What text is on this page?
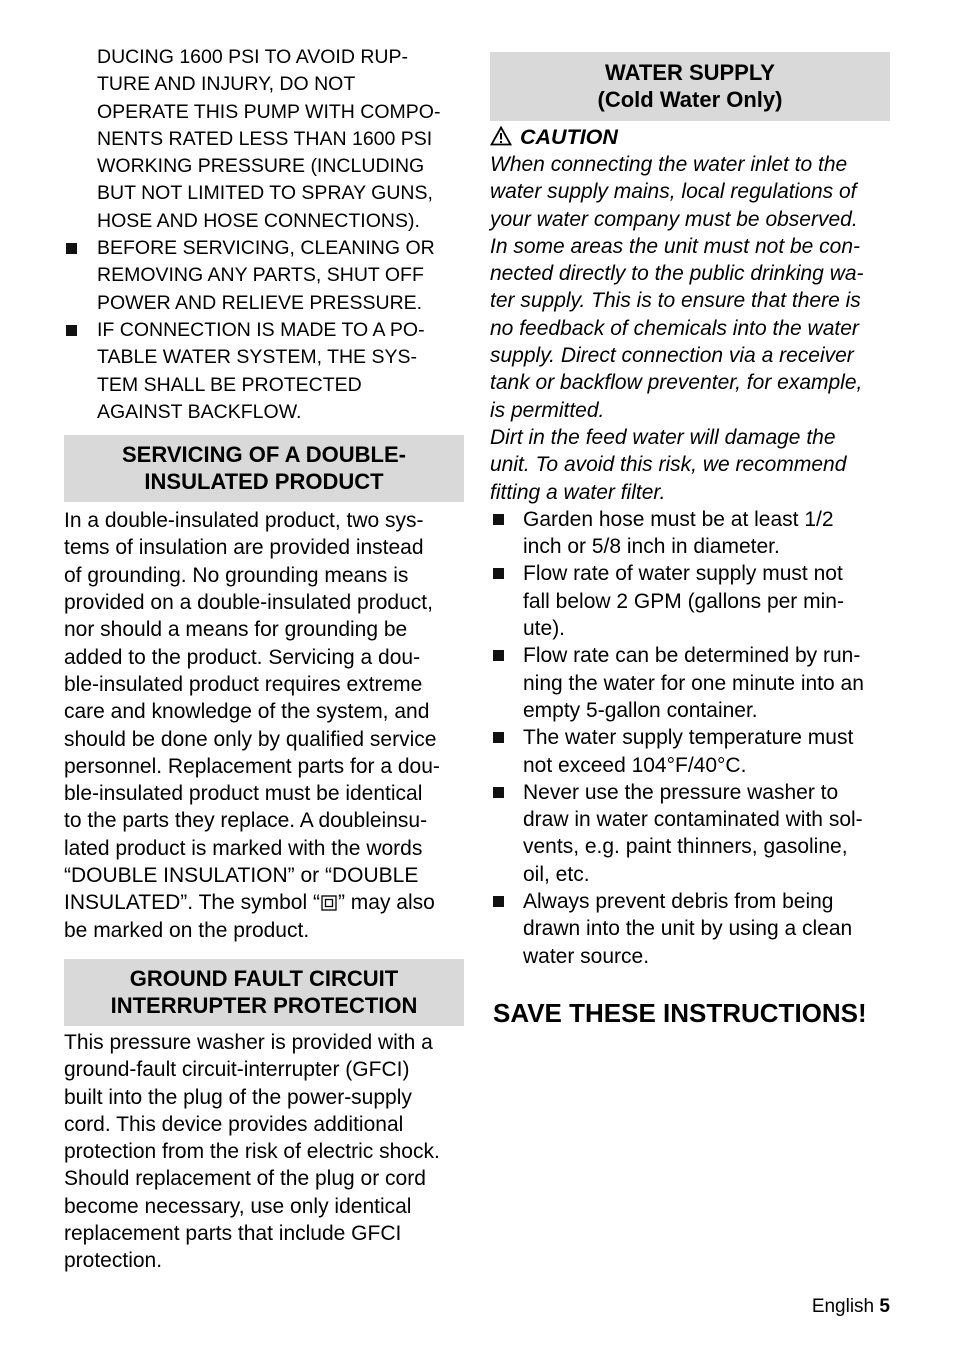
DUCING 1600 PSI TO AVOID RUP-
TURE AND INJURY, DO NOT
OPERATE THIS PUMP WITH COMPO-
NENTS RATED LESS THAN 1600 PSI
WORKING PRESSURE (INCLUDING
BUT NOT LIMITED TO SPRAY GUNS,
HOSE AND HOSE CONNECTIONS).
BEFORE SERVICING, CLEANING OR
REMOVING ANY PARTS, SHUT OFF
POWER AND RELIEVE PRESSURE.
IF CONNECTION IS MADE TO A PO-
TABLE WATER SYSTEM, THE SYS-
TEM SHALL BE PROTECTED
AGAINST BACKFLOW.
SERVICING OF A DOUBLE-
INSULATED PRODUCT
In a double-insulated product, two sys-
tems of insulation are provided instead
of grounding. No grounding means is
provided on a double-insulated product,
nor should a means for grounding be
added to the product. Servicing a dou-
ble-insulated product requires extreme
care and knowledge of the system, and
should be done only by qualified service
personnel. Replacement parts for a dou-
ble-insulated product must be identical
to the parts they replace. A doubleinsu-
lated product is marked with the words
“DOUBLE INSULATION” or “DOUBLE
INSULATED”. The symbol “ ” may also
be marked on the product.
GROUND FAULT CIRCUIT
INTERRUPTER PROTECTION
This pressure washer is provided with a
ground-fault circuit-interrupter (GFCI)
built into the plug of the power-supply
cord. This device provides additional
protection from the risk of electric shock.
Should replacement of the plug or cord
become necessary, use only identical
replacement parts that include GFCI
protection.
WATER SUPPLY
(Cold Water Only)
CAUTION
When connecting the water inlet to the
water supply mains, local regulations of
your water company must be observed.
In some areas the unit must not be con-
nected directly to the public drinking wa-
ter supply. This is to ensure that there is
no feedback of chemicals into the water
supply. Direct connection via a receiver
tank or backflow preventer, for example,
is permitted.
Dirt in the feed water will damage the
unit. To avoid this risk, we recommend
fitting a water filter.
Garden hose must be at least 1/2
inch or 5/8 inch in diameter.
Flow rate of water supply must not
fall below 2 GPM (gallons per min-
ute).
Flow rate can be determined by run-
ning the water for one minute into an
empty 5-gallon container.
The water supply temperature must
not exceed 104°F/40°C.
Never use the pressure washer to
draw in water contaminated with sol-
vents, e.g. paint thinners, gasoline,
oil, etc.
Always prevent debris from being
drawn into the unit by using a clean
water source.
SAVE THESE INSTRUCTIONS!
English 5
